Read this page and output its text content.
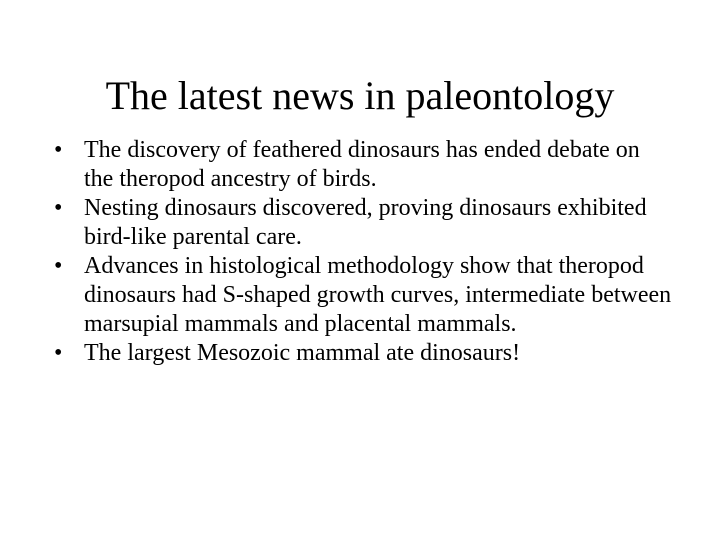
The latest news in paleontology
• The discovery of feathered dinosaurs has ended debate on the theropod ancestry of birds.
• Nesting dinosaurs discovered, proving dinosaurs exhibited bird-like parental care.
• Advances in histological methodology show that theropod dinosaurs had S-shaped growth curves, intermediate between marsupial mammals and placental mammals.
• The largest Mesozoic mammal ate dinosaurs!
